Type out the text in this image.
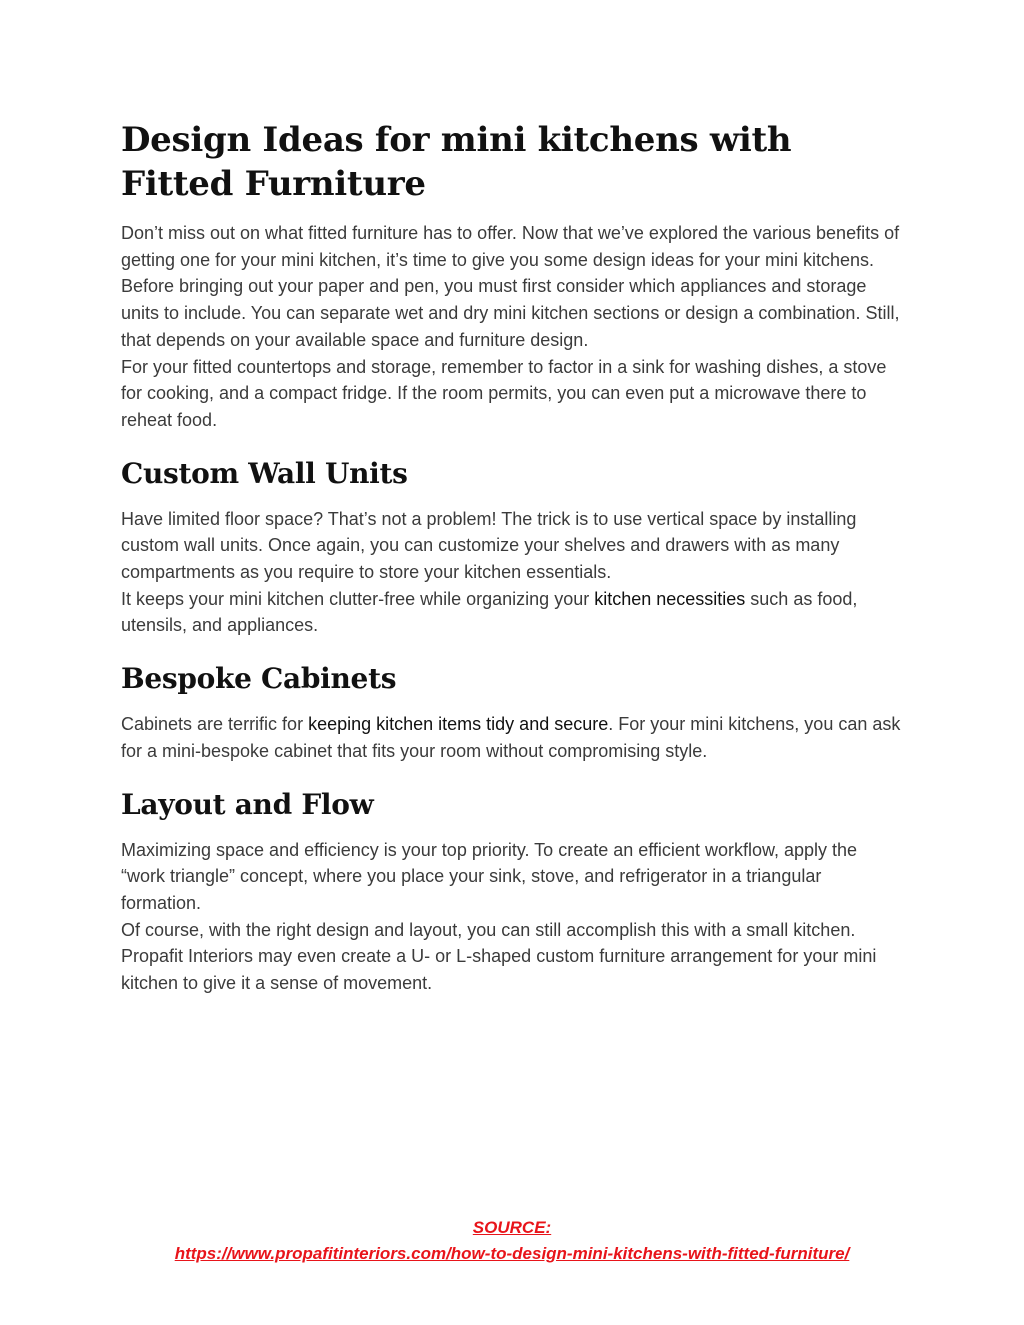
Design Ideas for mini kitchens with Fitted Furniture

Don’t miss out on what fitted furniture has to offer. Now that we’ve explored the various benefits of getting one for your mini kitchen, it’s time to give you some design ideas for your mini kitchens.

Before bringing out your paper and pen, you must first consider which appliances and storage units to include. You can separate wet and dry mini kitchen sections or design a combination. Still, that depends on your available space and furniture design.

For your fitted countertops and storage, remember to factor in a sink for washing dishes, a stove for cooking, and a compact fridge. If the room permits, you can even put a microwave there to reheat food.

Custom Wall Units

Have limited floor space? That’s not a problem! The trick is to use vertical space by installing custom wall units. Once again, you can customize your shelves and drawers with as many compartments as you require to store your kitchen essentials.

It keeps your mini kitchen clutter-free while organizing your kitchen necessities such as food, utensils, and appliances.

Bespoke Cabinets

Cabinets are terrific for keeping kitchen items tidy and secure. For your mini kitchens, you can ask for a mini-bespoke cabinet that fits your room without compromising style.

Layout and Flow

Maximizing space and efficiency is your top priority. To create an efficient workflow, apply the “work triangle” concept, where you place your sink, stove, and refrigerator in a triangular formation.

Of course, with the right design and layout, you can still accomplish this with a small kitchen. Propafit Interiors may even create a U- or L-shaped custom furniture arrangement for your mini kitchen to give it a sense of movement.

SOURCE:
https://www.propafitinteriors.com/how-to-design-mini-kitchens-with-fitted-furniture/
